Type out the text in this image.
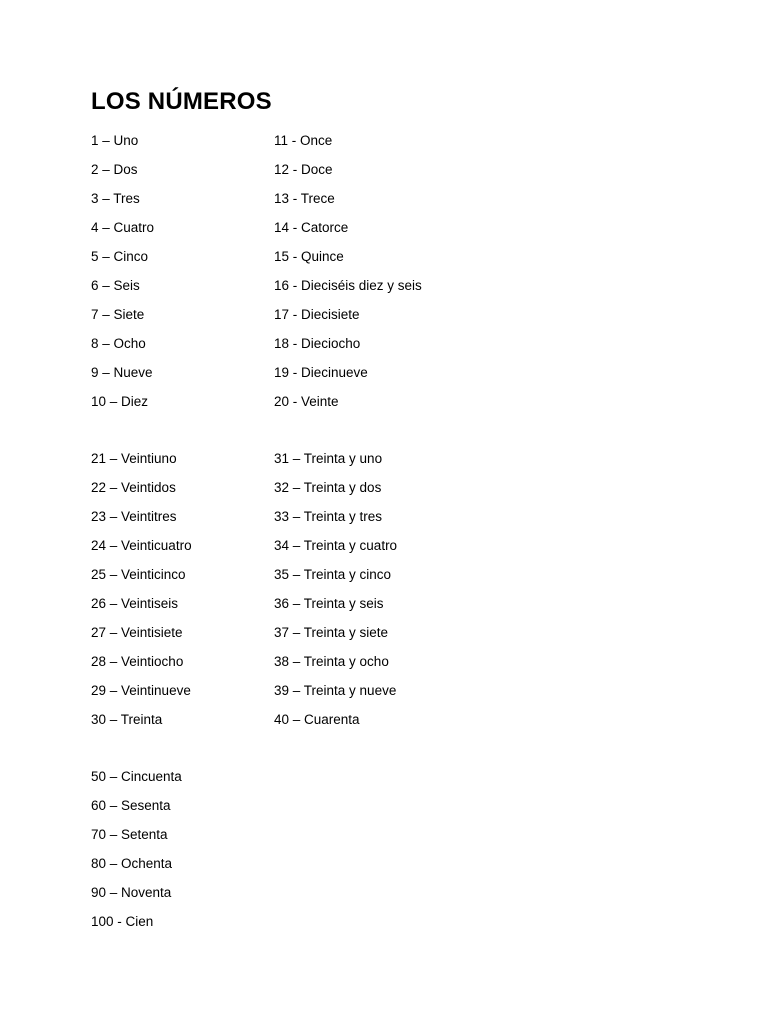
LOS NÚMEROS
1 – Uno	11 - Once
2 – Dos	12 - Doce
3 – Tres	13 - Trece
4 – Cuatro	14 - Catorce
5 – Cinco	15 - Quince
6 – Seis	16 - Dieciséis diez y seis
7 – Siete	17 - Diecisiete
8 – Ocho	18 - Dieciocho
9 – Nueve	19 - Diecinueve
10 – Diez	20 - Veinte
21 – Veintiuno	31 – Treinta y uno
22 – Veintidos	32 – Treinta y dos
23 – Veintitres	33 – Treinta y tres
24 – Veinticuatro	34 – Treinta y cuatro
25 – Veinticinco	35 – Treinta y cinco
26 – Veintiseis	36 – Treinta y seis
27 – Veintisiete	37 – Treinta y siete
28 – Veintiocho	38 – Treinta y ocho
29 – Veintinueve	39 – Treinta y nueve
30 – Treinta	40 – Cuarenta
50 – Cincuenta
60 – Sesenta
70 – Setenta
80 – Ochenta
90 – Noventa
100 - Cien
